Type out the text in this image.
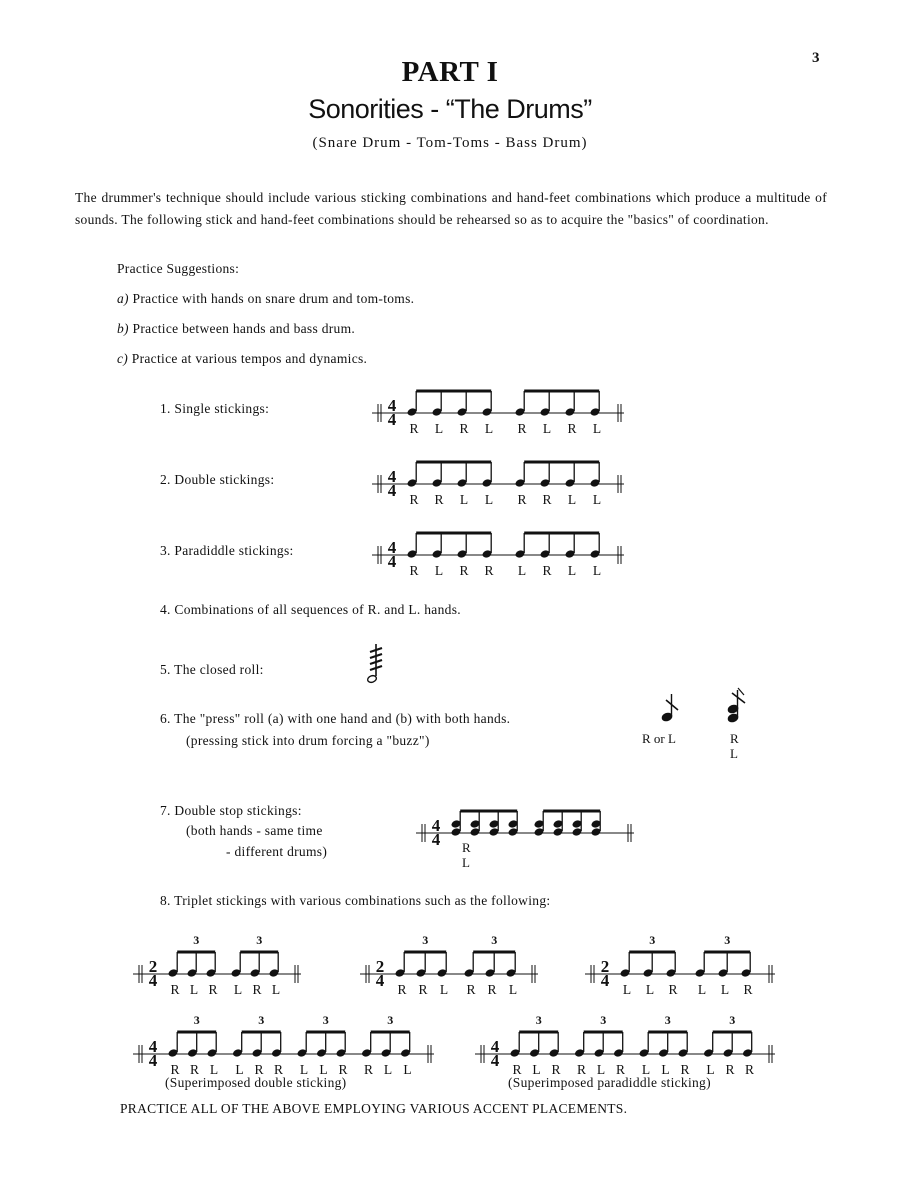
3
PART I
Sonorities - “The Drums”
(Snare Drum - Tom-Toms - Bass Drum)
The drummer's technique should include various sticking combinations and hand-feet combinations which produce a multitude of sounds. The following stick and hand-feet combinations should be rehearsed so as to acquire the "basics" of coordination.
Practice Suggestions:
a) Practice with hands on snare drum and tom-toms.
b) Practice between hands and bass drum.
c) Practice at various tempos and dynamics.
1. Single stickings:
2. Double stickings:
3. Paradiddle stickings:
4. Combinations of all sequences of R. and L. hands.
5. The closed roll:
6. The "press" roll (a) with one hand and (b) with both hands.
(pressing stick into drum forcing a "buzz")
7. Double stop stickings:
(both hands - same time
- different drums)
8. Triplet stickings with various combinations such as the following:
4
4 R L R L R L R L
4
4 R R L L R R L L
4
4 R L R R L R L L
4
4
2
4 R L R L R L
3	3
2
4 R R L R R L
3	3
2
4 L L R L L R
3	3
4
4 R R L L R R L L R R L L
3	3	3	3
4
4 R L R R L R L L R L R R
3	3	3	3
R or L	R
L
R
L
(Superimposed double sticking)	(Superimposed paradiddle sticking)
PRACTICE ALL OF THE ABOVE EMPLOYING VARIOUS ACCENT PLACEMENTS.
